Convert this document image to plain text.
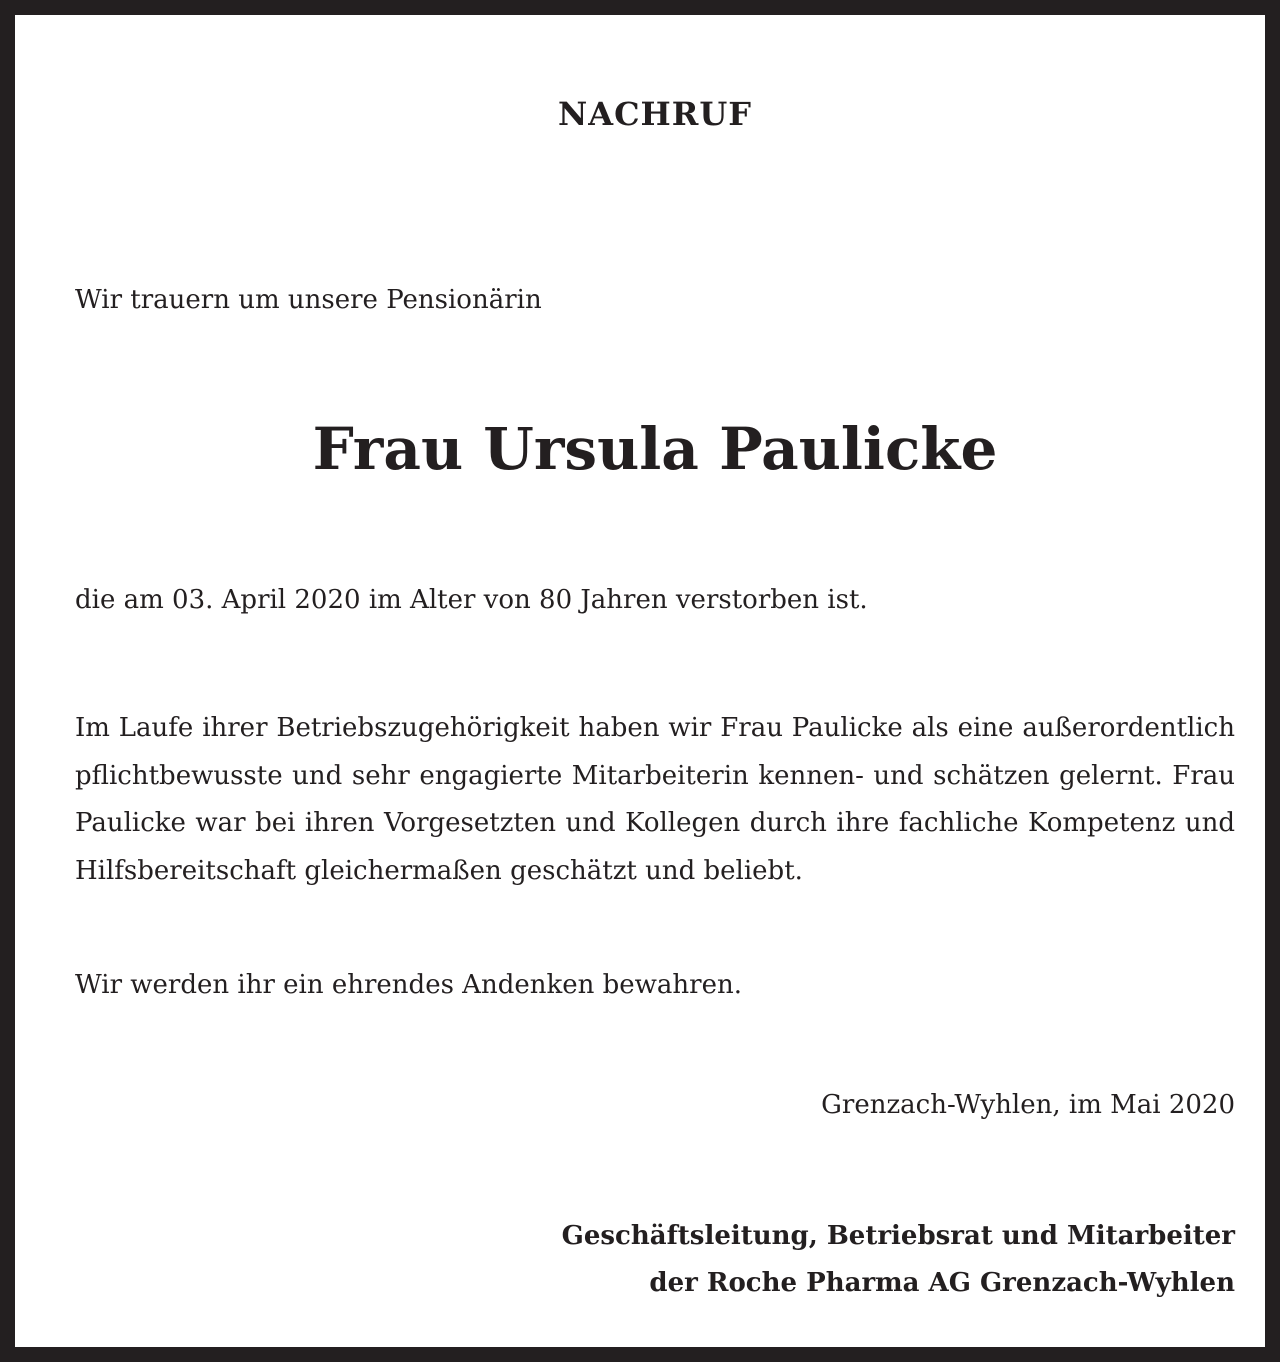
NACHRUF
Wir trauern um unsere Pensionärin
Frau Ursula Paulicke
die am 03. April 2020 im Alter von 80 Jahren verstorben ist.
Im Laufe ihrer Betriebszugehörigkeit haben wir Frau Paulicke als eine außerordentlich pflichtbewusste und sehr engagierte Mitarbeiterin kennen- und schätzen gelernt. Frau Paulicke war bei ihren Vorgesetzten und Kollegen durch ihre fachliche Kompetenz und Hilfsbereitschaft gleichermaßen geschätzt und beliebt.
Wir werden ihr ein ehrendes Andenken bewahren.
Grenzach-Wyhlen, im Mai 2020
Geschäftsleitung, Betriebsrat und Mitarbeiter
der Roche Pharma AG Grenzach-Wyhlen
